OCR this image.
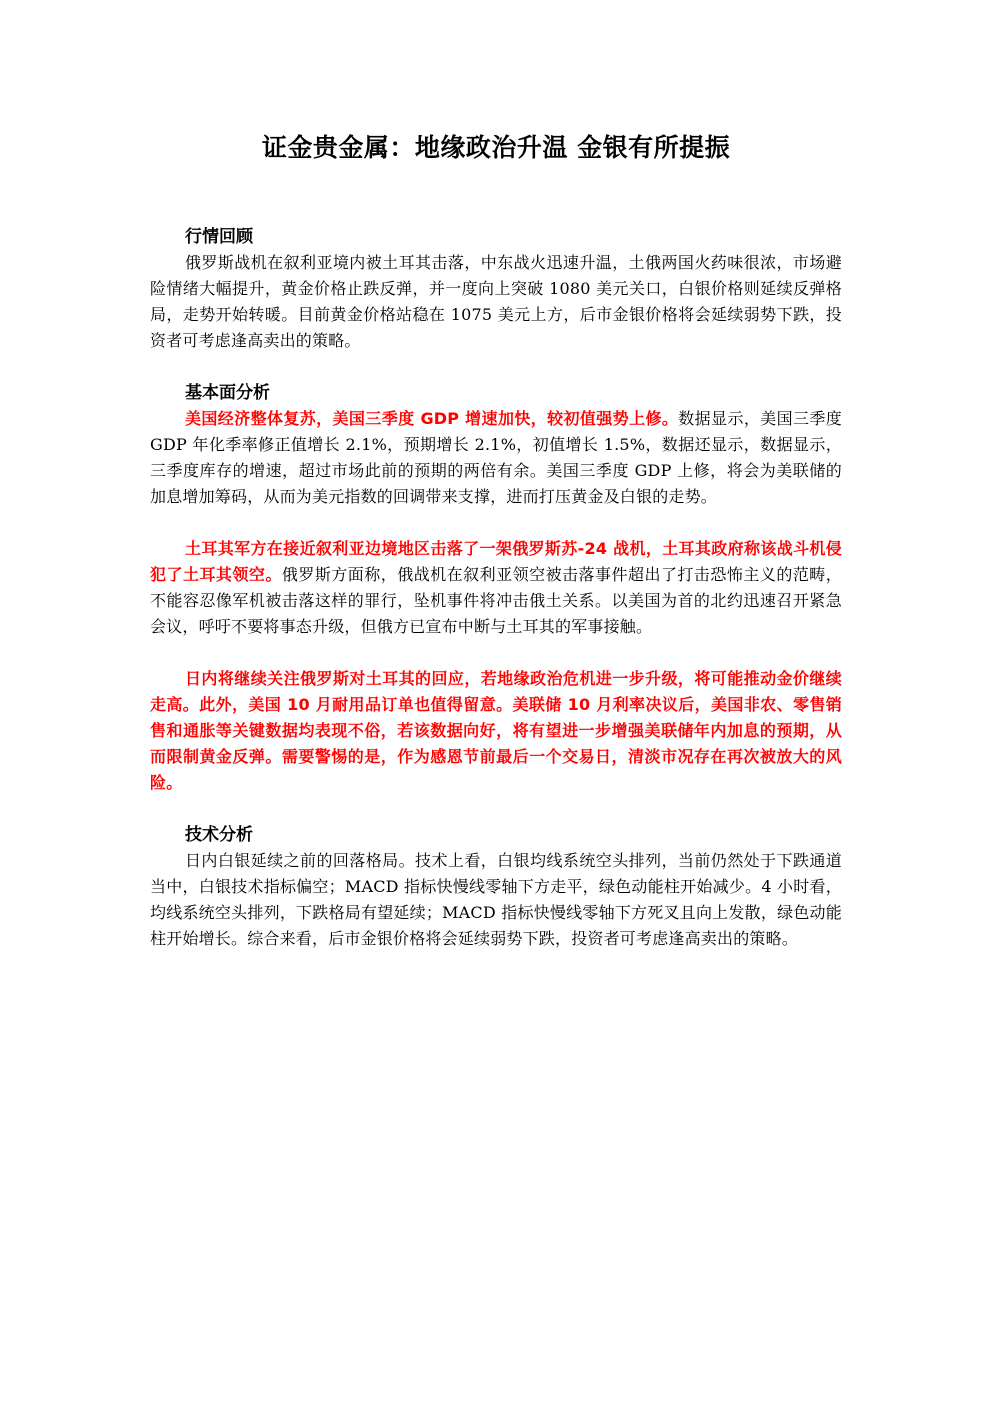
证金贵金属：地缘政治升温 金银有所提振

行情回顾

俄罗斯战机在叙利亚境内被土耳其击落，中东战火迅速升温，土俄两国火药味很浓，市场避险情绪大幅提升，黄金价格止跌反弹，并一度向上突破 1080 美元关口，白银价格则延续反弹格局，走势开始转暖。目前黄金价格站稳在 1075 美元上方，后市金银价格将会延续弱势下跌，投资者可考虑逢高卖出的策略。

基本面分析

美国经济整体复苏，美国三季度 GDP 增速加快，较初值强势上修。数据显示，美国三季度 GDP 年化季率修正值增长 2.1%，预期增长 2.1%，初值增长 1.5%，数据还显示，数据显示，三季度库存的增速，超过市场此前的预期的两倍有余。美国三季度 GDP 上修，将会为美联储的加息增加筹码，从而为美元指数的回调带来支撑，进而打压黄金及白银的走势。

土耳其军方在接近叙利亚边境地区击落了一架俄罗斯苏-24 战机，土耳其政府称该战斗机侵犯了土耳其领空。俄罗斯方面称，俄战机在叙利亚领空被击落事件超出了打击恐怖主义的范畴，不能容忍像军机被击落这样的罪行，坠机事件将冲击俄土关系。以美国为首的北约迅速召开紧急会议，呼吁不要将事态升级，但俄方已宣布中断与土耳其的军事接触。

日内将继续关注俄罗斯对土耳其的回应，若地缘政治危机进一步升级，将可能推动金价继续走高。此外，美国 10 月耐用品订单也值得留意。美联储 10 月利率决议后，美国非农、零售销售和通胀等关键数据均表现不俗，若该数据向好，将有望进一步增强美联储年内加息的预期，从而限制黄金反弹。需要警惕的是，作为感恩节前最后一个交易日，清淡市况存在再次被放大的风险。

技术分析

日内白银延续之前的回落格局。技术上看，白银均线系统空头排列，当前仍然处于下跌通道当中，白银技术指标偏空；MACD 指标快慢线零轴下方走平，绿色动能柱开始减少。4 小时看，均线系统空头排列，下跌格局有望延续；MACD 指标快慢线零轴下方死叉且向上发散，绿色动能柱开始增长。综合来看，后市金银价格将会延续弱势下跌，投资者可考虑逢高卖出的策略。
